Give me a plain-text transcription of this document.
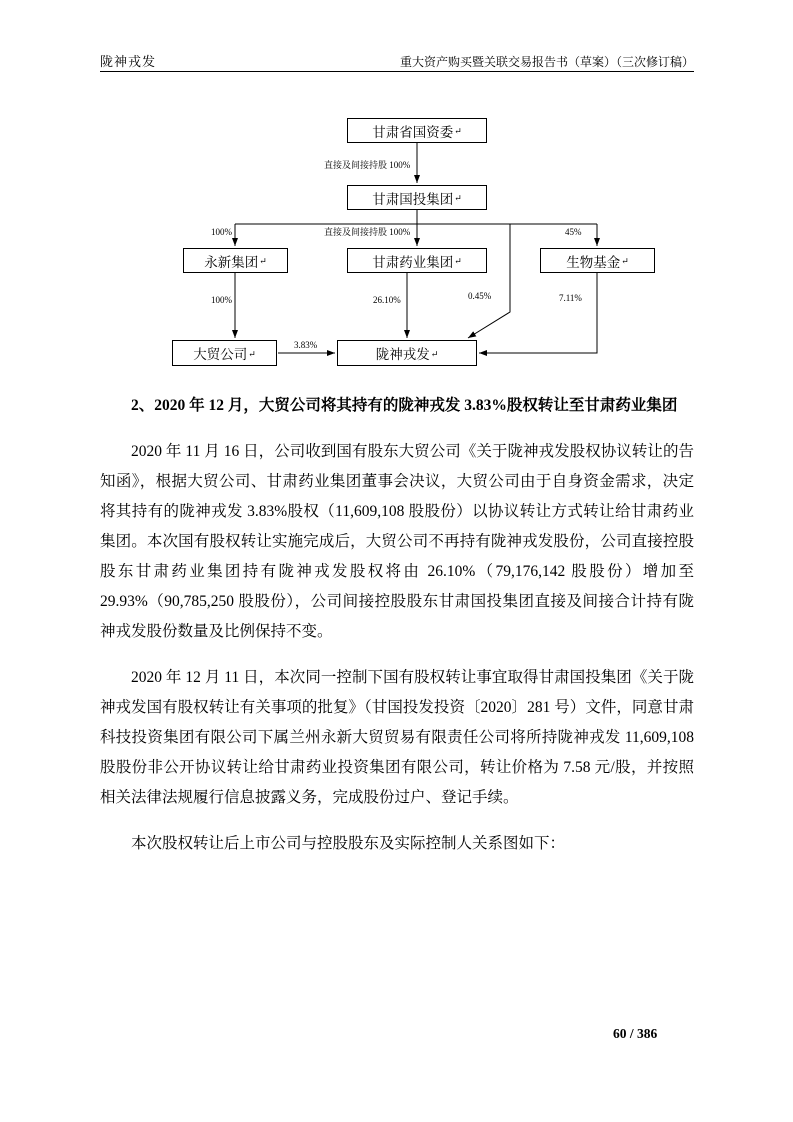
陇神戎发	重大资产购买暨关联交易报告书（草案）（三次修订稿）
甘肃省国资委 ↵
甘肃国投集团 ↵
永新集团 ↵	甘肃药业集团 ↵	生物基金 ↵
大贸公司 ↵	陇神戎发 ↵
直接及间接持股 100%
100%	直接及间接持股 100%	45%
100%	26.10%	0.45%	7.11%
3.83%

2、2020 年 12 月，大贸公司将其持有的陇神戎发 3.83%股权转让至甘肃药业集团

2020 年 11 月 16 日，公司收到国有股东大贸公司《关于陇神戎发股权协议转让的告知函》，根据大贸公司、甘肃药业集团董事会决议，大贸公司由于自身资金需求，决定将其持有的陇神戎发 3.83%股权（11,609,108 股股份）以协议转让方式转让给甘肃药业集团。本次国有股权转让实施完成后，大贸公司不再持有陇神戎发股份，公司直接控股股东甘肃药业集团持有陇神戎发股权将由 26.10%（79,176,142 股股份）增加至 29.93%（90,785,250 股股份），公司间接控股股东甘肃国投集团直接及间接合计持有陇神戎发股份数量及比例保持不变。

2020 年 12 月 11 日，本次同一控制下国有股权转让事宜取得甘肃国投集团《关于陇神戎发国有股权转让有关事项的批复》（甘国投发投资〔2020〕281 号）文件，同意甘肃科技投资集团有限公司下属兰州永新大贸贸易有限责任公司将所持陇神戎发 11,609,108 股股份非公开协议转让给甘肃药业投资集团有限公司，转让价格为 7.58 元/股，并按照相关法律法规履行信息披露义务，完成股份过户、登记手续。

本次股权转让后上市公司与控股股东及实际控制人关系图如下：

60 / 386
